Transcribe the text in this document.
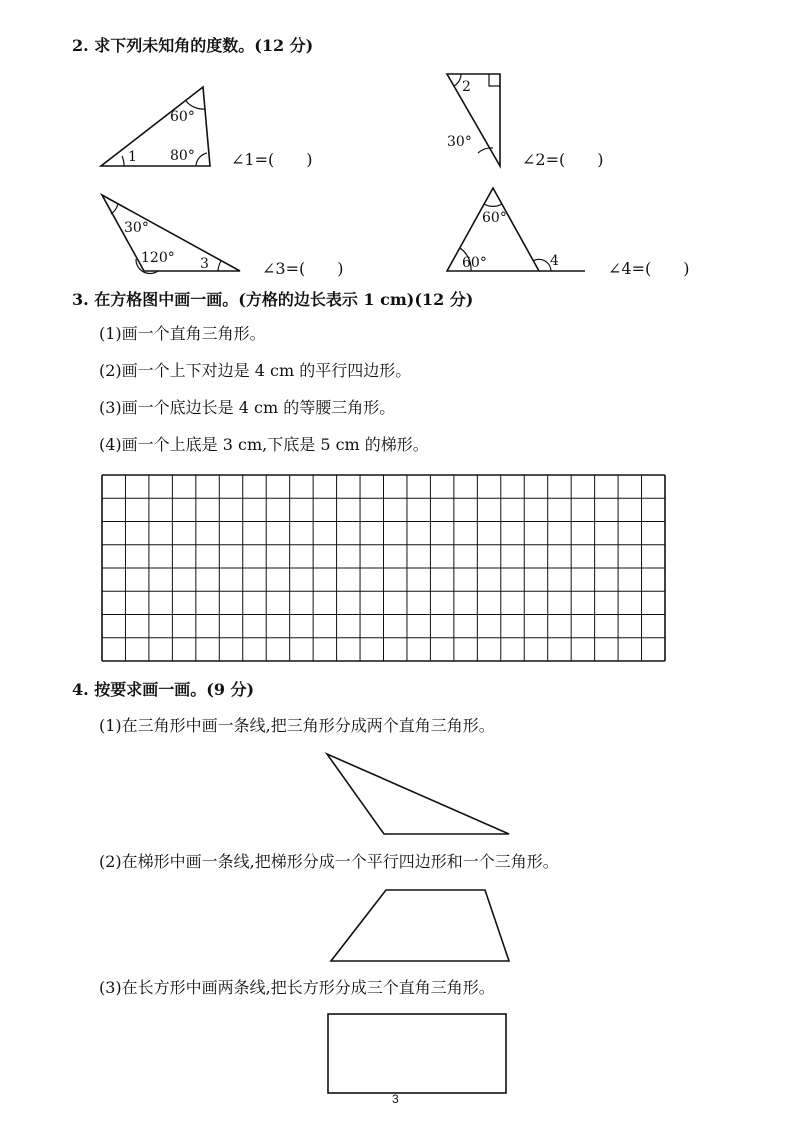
2. 求下列未知角的度数。(12 分)
60°
80°
1
2
30°
30°
120° 3
60°
60°	4
∠1=(　　)	∠2=(　　)
∠3=(　　)	∠4=(　　)
3. 在方格图中画一画。(方格的边长表示 1 cm)(12 分)
(1)画一个直角三角形。
(2)画一个上下对边是 4 cm 的平行四边形。
(3)画一个底边长是 4 cm 的等腰三角形。
(4)画一个上底是 3 cm,下底是 5 cm 的梯形。
4. 按要求画一画。(9 分)
(1)在三角形中画一条线,把三角形分成两个直角三角形。
(2)在梯形中画一条线,把梯形分成一个平行四边形和一个三角形。
(3)在长方形中画两条线,把长方形分成三个直角三角形。
3
